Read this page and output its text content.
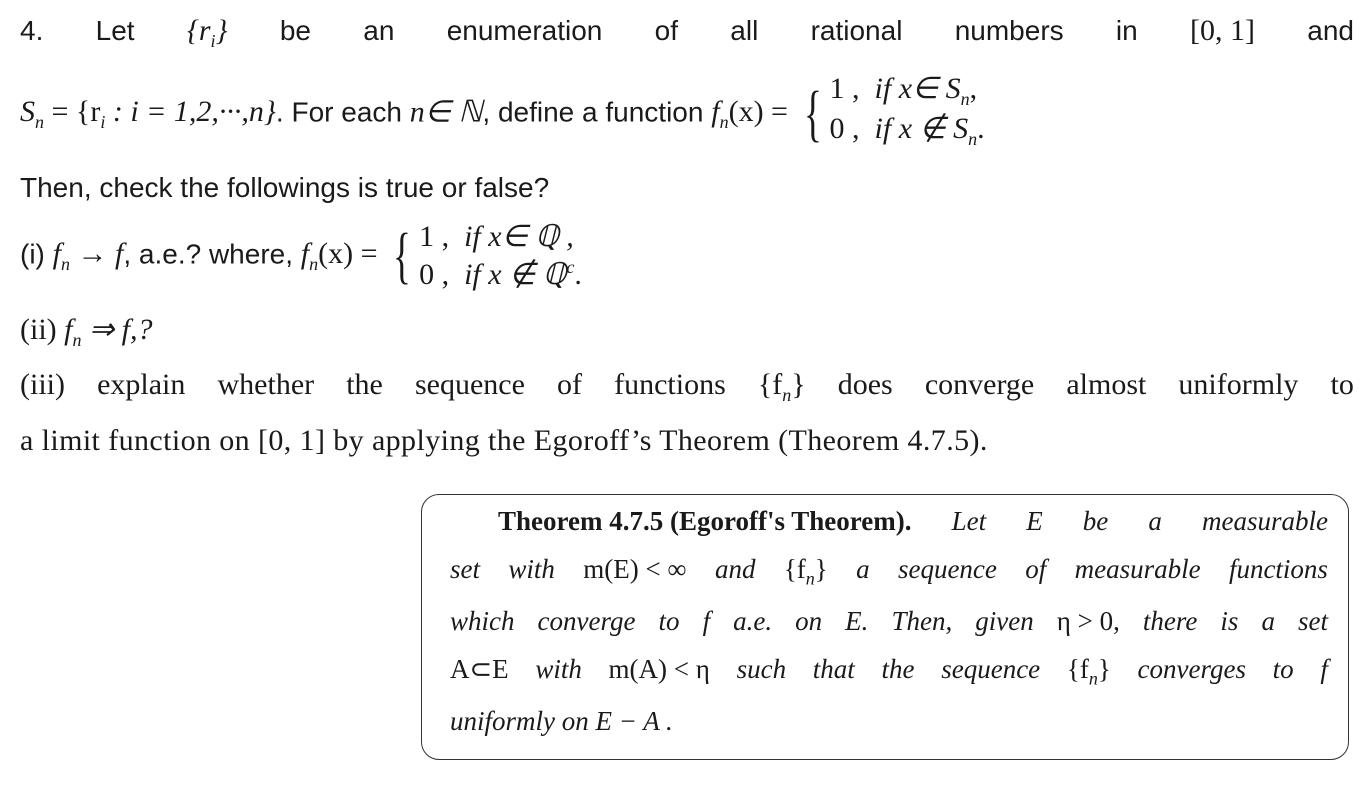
4. Let $\{r_i\}$ be an enumeration of all rational numbers in [0, 1] and
$S_n = \{r_i$ : i = 1,2,···,n}. For each n∈ ℕ, define a function $f_n(x)$ = { 1 , if x∈ $S_n$,
0 , if x ∉ $S_n$.
Then, check the followings is true or false?
(i) $f_n \to f$, a.e.? where, $f_n(x)$ = { 1 , if x∈ ℚ ,
0 , if x ∉ ℚ$^c$.
(ii) $f_n$ ⇒ f,?
(iii) explain whether the sequence of functions $\{f_n\}$ does converge almost uniformly to
a limit function on [0, 1] by applying the Egoroff’s Theorem (Theorem 4.7.5).
Theorem 4.7.5 (Egoroff's Theorem). Let E be a measurable
set with m(E) < ∞ and $\{f_n\}$ a sequence of measurable functions
which converge to f a.e. on E. Then, given η > 0, there is a set
A⊂E with m(A) < η such that the sequence $\{f_n\}$ converges to f
uniformly on E − A .
